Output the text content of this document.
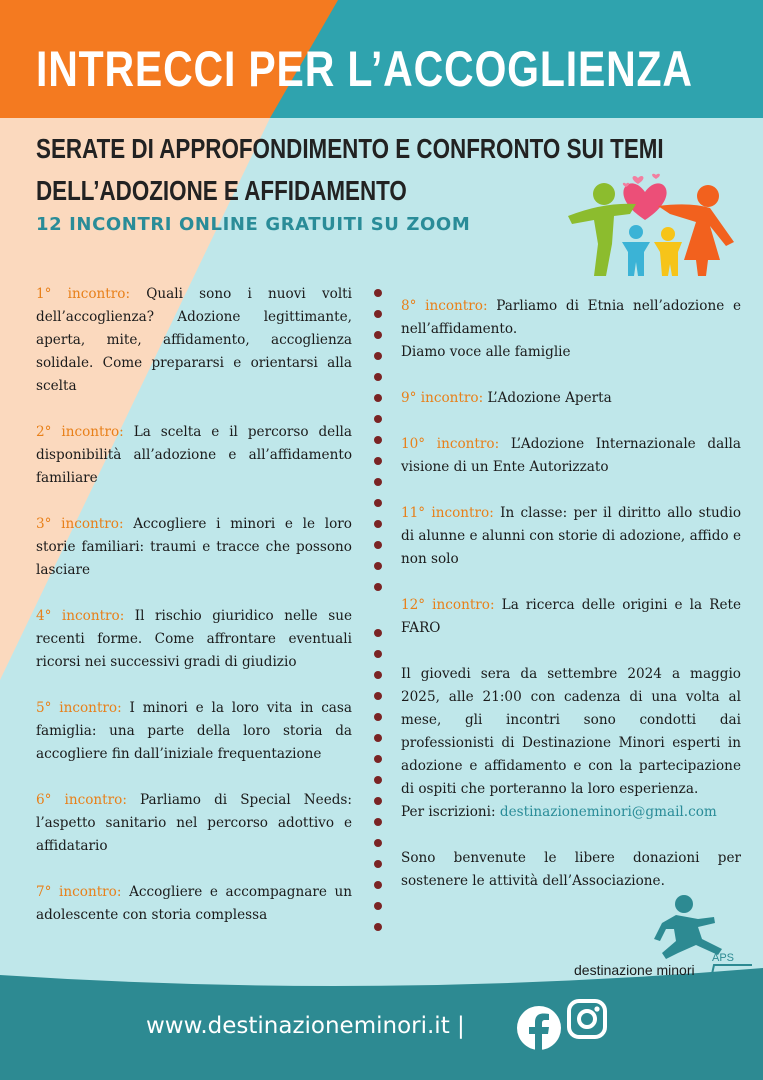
INTRECCI PER L’ACCOGLIENZA
SERATE DI APPROFONDIMENTO E CONFRONTO SUI TEMI
DELL’ADOZIONE E AFFIDAMENTO
12 INCONTRI ONLINE GRATUITI SU ZOOM

1° incontro: Quali sono i nuovi volti dell’accoglienza? Adozione legittimante, aperta, mite, affidamento, accoglienza solidale. Come prepararsi e orientarsi alla scelta

2° incontro: La scelta e il percorso della disponibilità all’adozione e all’affidamento familiare

3° incontro: Accogliere i minori e le loro storie familiari: traumi e tracce che possono lasciare

4° incontro: Il rischio giuridico nelle sue recenti forme. Come affrontare eventuali ricorsi nei successivi gradi di giudizio

5° incontro: I minori e la loro vita in casa famiglia: una parte della loro storia da accogliere fin dall’iniziale frequentazione

6° incontro: Parliamo di Special Needs: l’aspetto sanitario nel percorso adottivo e affidatario

7° incontro: Accogliere e accompagnare un adolescente con storia complessa

8° incontro: Parliamo di Etnia nell’adozione e nell’affidamento.
Diamo voce alle famiglie

9° incontro: L’Adozione Aperta

10° incontro: L’Adozione Internazionale dalla visione di un Ente Autorizzato

11° incontro: In classe: per il diritto allo studio di alunne e alunni con storie di adozione, affido e non solo

12° incontro: La ricerca delle origini e la Rete FARO

Il giovedi sera da settembre 2024 a maggio 2025, alle 21:00 con cadenza di una volta al mese, gli incontri sono condotti dai professionisti di Destinazione Minori esperti in adozione e affidamento e con la partecipazione di ospiti che porteranno la loro esperienza.
Per iscrizioni: destinazioneminori@gmail.com

Sono benvenute le libere donazioni per sostenere le attività dell’Associazione.

APS
destinazione minori
www.destinazioneminori.it |
